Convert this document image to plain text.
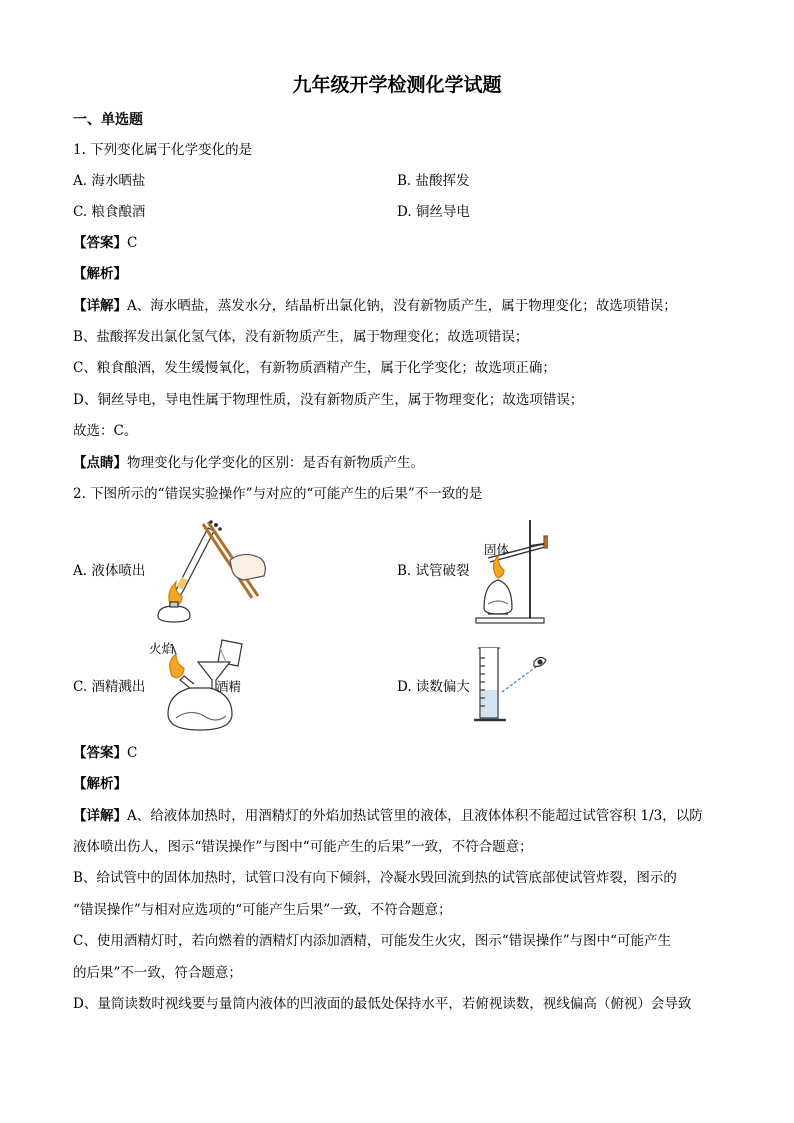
九年级开学检测化学试题
一、单选题
1. 下列变化属于化学变化的是
A. 海水晒盐	B. 盐酸挥发
C. 粮食酿酒	D. 铜丝导电
【答案】C
【解析】
【详解】A、海水晒盐，蒸发水分，结晶析出氯化钠，没有新物质产生，属于物理变化；故选项错误；
B、盐酸挥发出氯化氢气体，没有新物质产生，属于物理变化；故选项错误；
C、粮食酿酒，发生缓慢氧化，有新物质酒精产生，属于化学变化；故选项正确；
D、铜丝导电，导电性属于物理性质，没有新物质产生，属于物理变化；故选项错误；
故选：C。
【点睛】物理变化与化学变化的区别：是否有新物质产生。
2. 下图所示的“错误实验操作”与对应的“可能产生的后果”不一致的是
A. 液体喷出	B. 试管破裂
C. 酒精溅出	D. 读数偏大
固体
火焰
酒精
【答案】C
【解析】
【详解】A、给液体加热时，用酒精灯的外焰加热试管里的液体，且液体体积不能超过试管容积 1/3，以防
液体喷出伤人，图示“错误操作”与图中“可能产生的后果”一致，不符合题意；
B、给试管中的固体加热时，试管口没有向下倾斜，冷凝水毁回流到热的试管底部使试管炸裂，图示的
“错误操作”与相对应选项的“可能产生后果”一致，不符合题意；
C、使用酒精灯时，若向燃着的酒精灯内添加酒精，可能发生火灾，图示“错误操作”与图中“可能产生
的后果”不一致，符合题意；
D、量筒读数时视线要与量筒内液体的凹液面的最低处保持水平，若俯视读数，视线偏高（俯视）会导致
